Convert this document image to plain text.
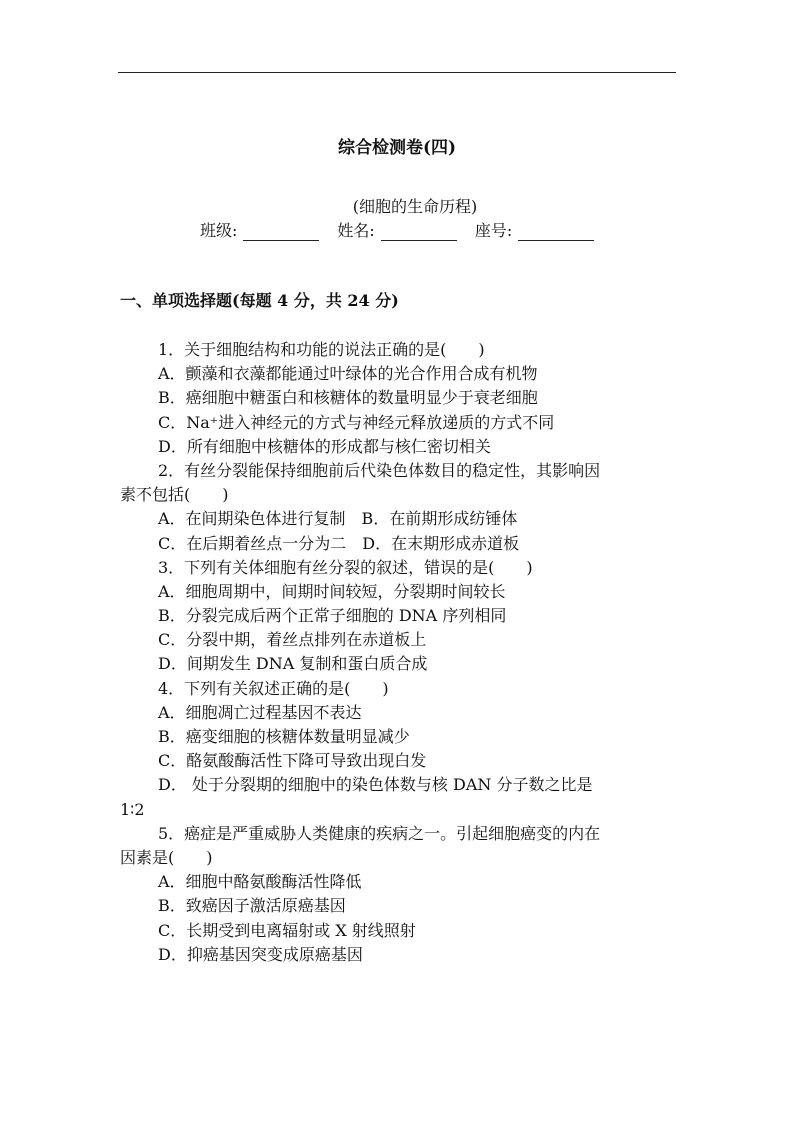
综合检测卷(四)
(细胞的生命历程)
班级:	姓名:	座号:
一、单项选择题(每题 4 分，共 24 分)
1．关于细胞结构和功能的说法正确的是(　　)
A．颤藻和衣藻都能通过叶绿体的光合作用合成有机物
B．癌细胞中糖蛋白和核糖体的数量明显少于衰老细胞
C．Na⁺进入神经元的方式与神经元释放递质的方式不同
D．所有细胞中核糖体的形成都与核仁密切相关
2．有丝分裂能保持细胞前后代染色体数目的稳定性，其影响因
素不包括(　　)
A．在间期染色体进行复制　B．在前期形成纺锤体
C．在后期着丝点一分为二　D．在末期形成赤道板
3．下列有关体细胞有丝分裂的叙述，错误的是(　　)
A．细胞周期中，间期时间较短，分裂期时间较长
B．分裂完成后两个正常子细胞的 DNA 序列相同
C．分裂中期，着丝点排列在赤道板上
D．间期发生 DNA 复制和蛋白质合成
4．下列有关叙述正确的是(　　)
A．细胞凋亡过程基因不表达
B．癌变细胞的核糖体数量明显减少
C．酪氨酸酶活性下降可导致出现白发
D． 处于分裂期的细胞中的染色体数与核 DAN 分子数之比是
1∶2
5．癌症是严重威胁人类健康的疾病之一。引起细胞癌变的内在
因素是(　　)
A．细胞中酪氨酸酶活性降低
B．致癌因子激活原癌基因
C．长期受到电离辐射或 X 射线照射
D．抑癌基因突变成原癌基因
